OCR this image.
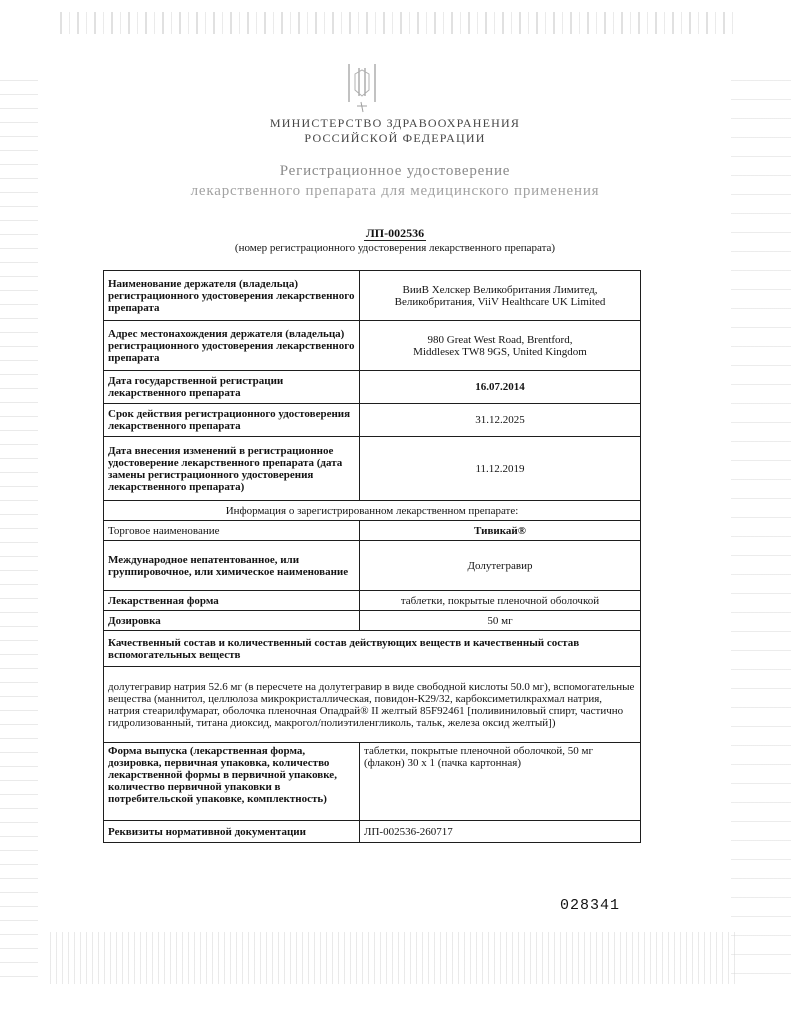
МИНИСТЕРСТВО ЗДРАВООХРАНЕНИЯ
РОССИЙСКОЙ ФЕДЕРАЦИИ
Регистрационное удостоверение
лекарственного препарата для медицинского применения
ЛП-002536
(номер регистрационного удостоверения лекарственного препарата)
Наименование держателя (владельца) регистрационного удостоверения лекарственного препарата	ВииВ Хелскер Великобритания Лимитед,
Великобритания, ViiV Healthcare UK Limited

Адрес местонахождения держателя (владельца) регистрационного удостоверения лекарственного препарата	980 Great West Road, Brentford,
Middlesex TW8 9GS, United Kingdom

Дата государственной регистрации лекарственного препарата	16.07.2014
Срок действия регистрационного удостоверения лекарственного препарата	31.12.2025
Дата внесения изменений в регистрационное удостоверение лекарственного препарата (дата замены регистрационного удостоверения лекарственного препарата)	11.12.2019
Информация о зарегистрированном лекарственном препарате:	
Торговое наименование	Тивикай®
Международное непатентованное, или группировочное, или химическое наименование	Долутегравир
Лекарственная форма	таблетки, покрытые пленочной оболочкой
Дозировка	50 мг
Качественный состав и количественный состав действующих веществ и качественный состав вспомогательных веществ	
долутегравир натрия 52.6 мг (в пересчете на долутегравир в виде свободной кислоты 50.0 мг), вспомогательные вещества (маннитол, целлюлоза микрокристаллическая, повидон-К29/32, карбоксиметилкрахмал натрия, натрия стеарилфумарат, оболочка пленочная Опадрай® II желтый 85F92461 [поливиниловый спирт, частично гидролизованный, титана диоксид, макрогол/полиэтиленгликоль, тальк, железа оксид желтый])	
Форма выпуска (лекарственная форма, дозировка, первичная упаковка, количество лекарственной формы в первичной упаковке, количество первичной упаковки в потребительской упаковке, комплектность)	таблетки, покрытые пленочной оболочкой, 50 мг (флакон) 30 x 1 (пачка картонная)
Реквизиты нормативной документации	ЛП-002536-260717
028341
